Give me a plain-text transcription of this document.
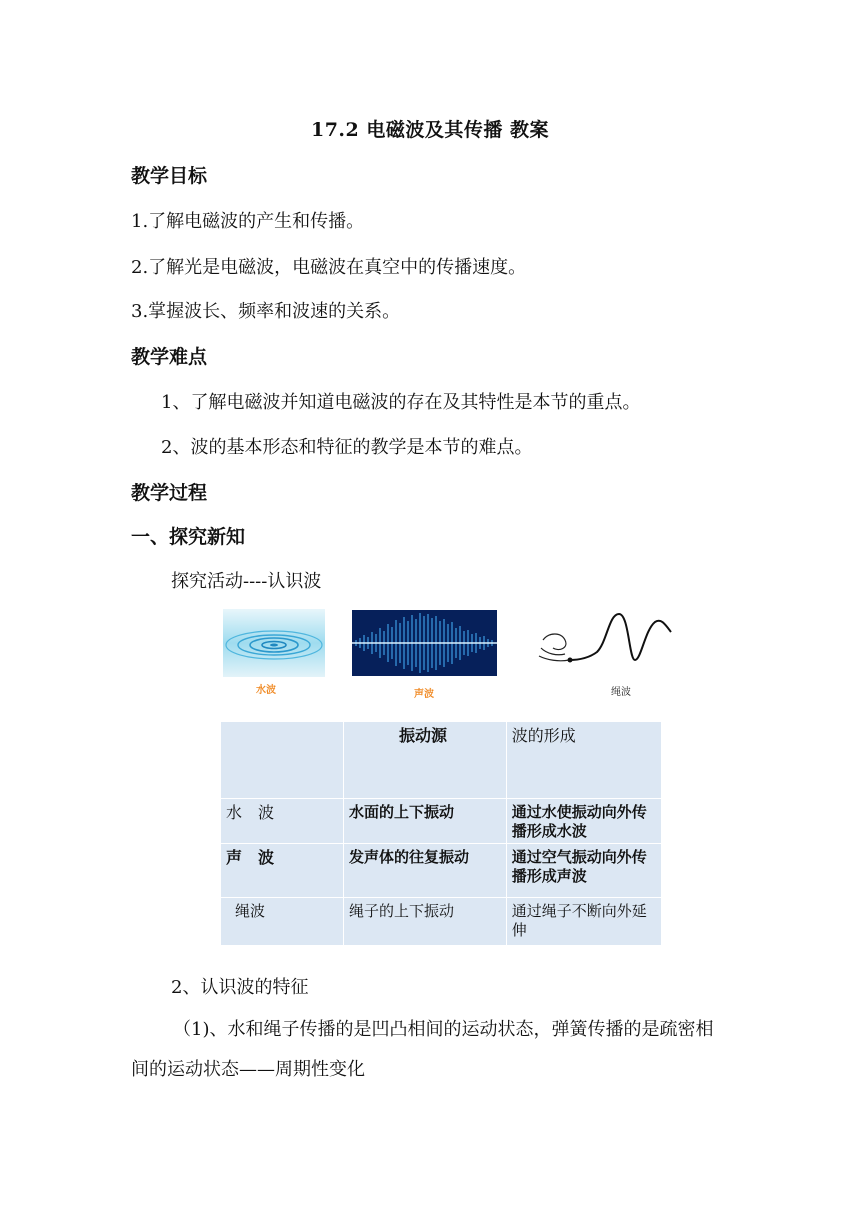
17.2 电磁波及其传播 教案
教学目标
1.了解电磁波的产生和传播。
2.了解光是电磁波，电磁波在真空中的传播速度。
3.掌握波长、频率和波速的关系。
教学难点
1、了解电磁波并知道电磁波的存在及其特性是本节的重点。
2、波的基本形态和特征的教学是本节的难点。
教学过程
一、探究新知
探究活动----认识波
水波	声波	绳波
	振动源	波的形成
水　波	水面的上下振动	通过水使振动向外传播形成水波
声　波	发声体的往复振动	通过空气振动向外传播形成声波
绳波	绳子的上下振动	通过绳子不断向外延伸
2、认识波的特征
（1)、水和绳子传播的是凹凸相间的运动状态，弹簧传播的是疏密相间的运动状态——周期性变化
